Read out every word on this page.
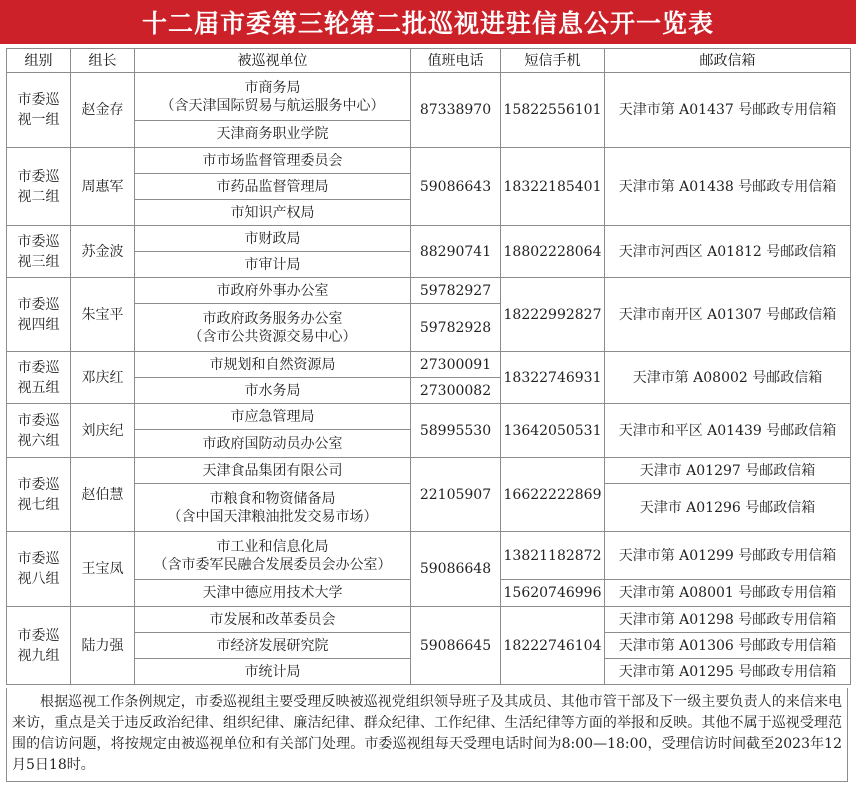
十二届市委第三轮第二批巡视进驻信息公开一览表
组别	组长	被巡视单位	值班电话	短信手机	邮政信箱

市委巡
视一组	赵金存	市商务局
（含天津国际贸易与航运服务中心）	87338970	15822556101	天津市第 A01437 号邮政专用信箱

		天津商务职业学院			

市委巡
视二组	周惠军	市市场监督管理委员会	59086643	18322185401	天津市第 A01438 号邮政专用信箱

		市药品监督管理局			

		市知识产权局			

市委巡
视三组	苏金波	市财政局	88290741	18802228064	天津市河西区 A01812 号邮政信箱

		市审计局			

市委巡
视四组	朱宝平	市政府外事办公室	59782927	18222992827	天津市南开区 A01307 号邮政信箱

		市政府政务服务办公室
（含市公共资源交易中心）	59782928		

市委巡
视五组	邓庆红	市规划和自然资源局	27300091	18322746931	天津市第 A08002 号邮政信箱

		市水务局	27300082		

市委巡
视六组	刘庆纪	市应急管理局	58995530	13642050531	天津市和平区 A01439 号邮政信箱

		市政府国防动员办公室			

市委巡
视七组	赵伯慧	天津食品集团有限公司	22105907	16622222869	天津市 A01297 号邮政信箱

		市粮食和物资储备局
（含中国天津粮油批发交易市场）			天津市 A01296 号邮政信箱

市委巡
视八组	王宝凤	市工业和信息化局
（含市委军民融合发展委员会办公室）	59086648	13821182872	天津市第 A01299 号邮政专用信箱

		天津中德应用技术大学		15620746996	天津市第 A08001 号邮政专用信箱

市委巡
视九组	陆力强	市发展和改革委员会	59086645	18222746104	天津市第 A01298 号邮政专用信箱

		市经济发展研究院			天津市第 A01306 号邮政专用信箱

		市统计局			天津市第 A01295 号邮政专用信箱
根据巡视工作条例规定，市委巡视组主要受理反映被巡视党组织领导班子及其成员、其他市管干部及下一级主要负责人的来信来电来访，重点是关于违反政治纪律、组织纪律、廉洁纪律、群众纪律、工作纪律、生活纪律等方面的举报和反映。其他不属于巡视受理范围的信访问题，将按规定由被巡视单位和有关部门处理。市委巡视组每天受理电话时间为8:00—18:00，受理信访时间截至2023年12月5日18时。
